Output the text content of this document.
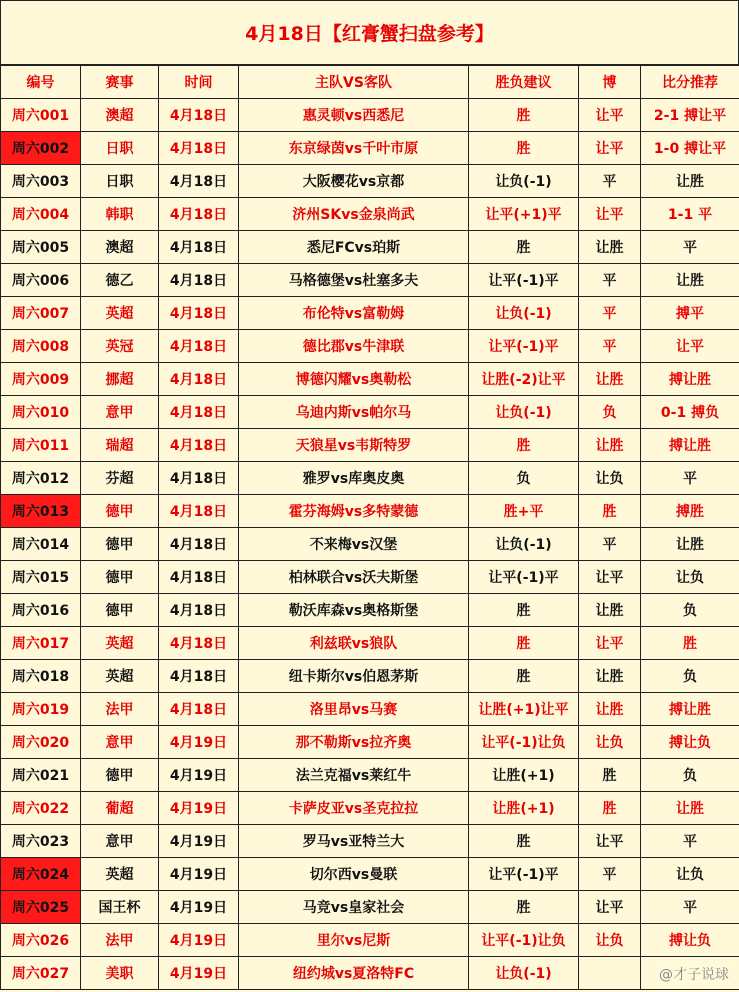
4月18日【红膏蟹扫盘参考】
编号	赛事	时间	主队VS客队	胜负建议	博	比分推荐
周六001	澳超	4月18日	惠灵顿vs西悉尼	胜	让平	2-1 搏让平
周六002	日职	4月18日	东京绿茵vs千叶市原	胜	让平	1-0 搏让平
周六003	日职	4月18日	大阪樱花vs京都	让负(-1)	平	让胜
周六004	韩职	4月18日	济州SKvs金泉尚武	让平(+1)平	让平	1-1 平
周六005	澳超	4月18日	悉尼FCvs珀斯	胜	让胜	平
周六006	德乙	4月18日	马格德堡vs杜塞多夫	让平(-1)平	平	让胜
周六007	英超	4月18日	布伦特vs富勒姆	让负(-1)	平	搏平
周六008	英冠	4月18日	德比郡vs牛津联	让平(-1)平	平	让平
周六009	挪超	4月18日	博德闪耀vs奥勒松	让胜(-2)让平	让胜	搏让胜
周六010	意甲	4月18日	乌迪内斯vs帕尔马	让负(-1)	负	0-1 搏负
周六011	瑞超	4月18日	天狼星vs韦斯特罗	胜	让胜	搏让胜
周六012	芬超	4月18日	雅罗vs库奥皮奥	负	让负	平
周六013	德甲	4月18日	霍芬海姆vs多特蒙德	胜+平	胜	搏胜
周六014	德甲	4月18日	不来梅vs汉堡	让负(-1)	平	让胜
周六015	德甲	4月18日	柏林联合vs沃夫斯堡	让平(-1)平	让平	让负
周六016	德甲	4月18日	勒沃库森vs奥格斯堡	胜	让胜	负
周六017	英超	4月18日	利兹联vs狼队	胜	让平	胜
周六018	英超	4月18日	纽卡斯尔vs伯恩茅斯	胜	让胜	负
周六019	法甲	4月18日	洛里昂vs马赛	让胜(+1)让平	让胜	搏让胜
周六020	意甲	4月19日	那不勒斯vs拉齐奥	让平(-1)让负	让负	搏让负
周六021	德甲	4月19日	法兰克福vs莱红牛	让胜(+1)	胜	负
周六022	葡超	4月19日	卡萨皮亚vs圣克拉拉	让胜(+1)	胜	让胜
周六023	意甲	4月19日	罗马vs亚特兰大	胜	让平	平
周六024	英超	4月19日	切尔西vs曼联	让平(-1)平	平	让负
周六025	国王杯	4月19日	马竞vs皇家社会	胜	让平	平
周六026	法甲	4月19日	里尔vs尼斯	让平(-1)让负	让负	搏让负
周六027	美职	4月19日	纽约城vs夏洛特FC	让负(-1)			@才子说球
